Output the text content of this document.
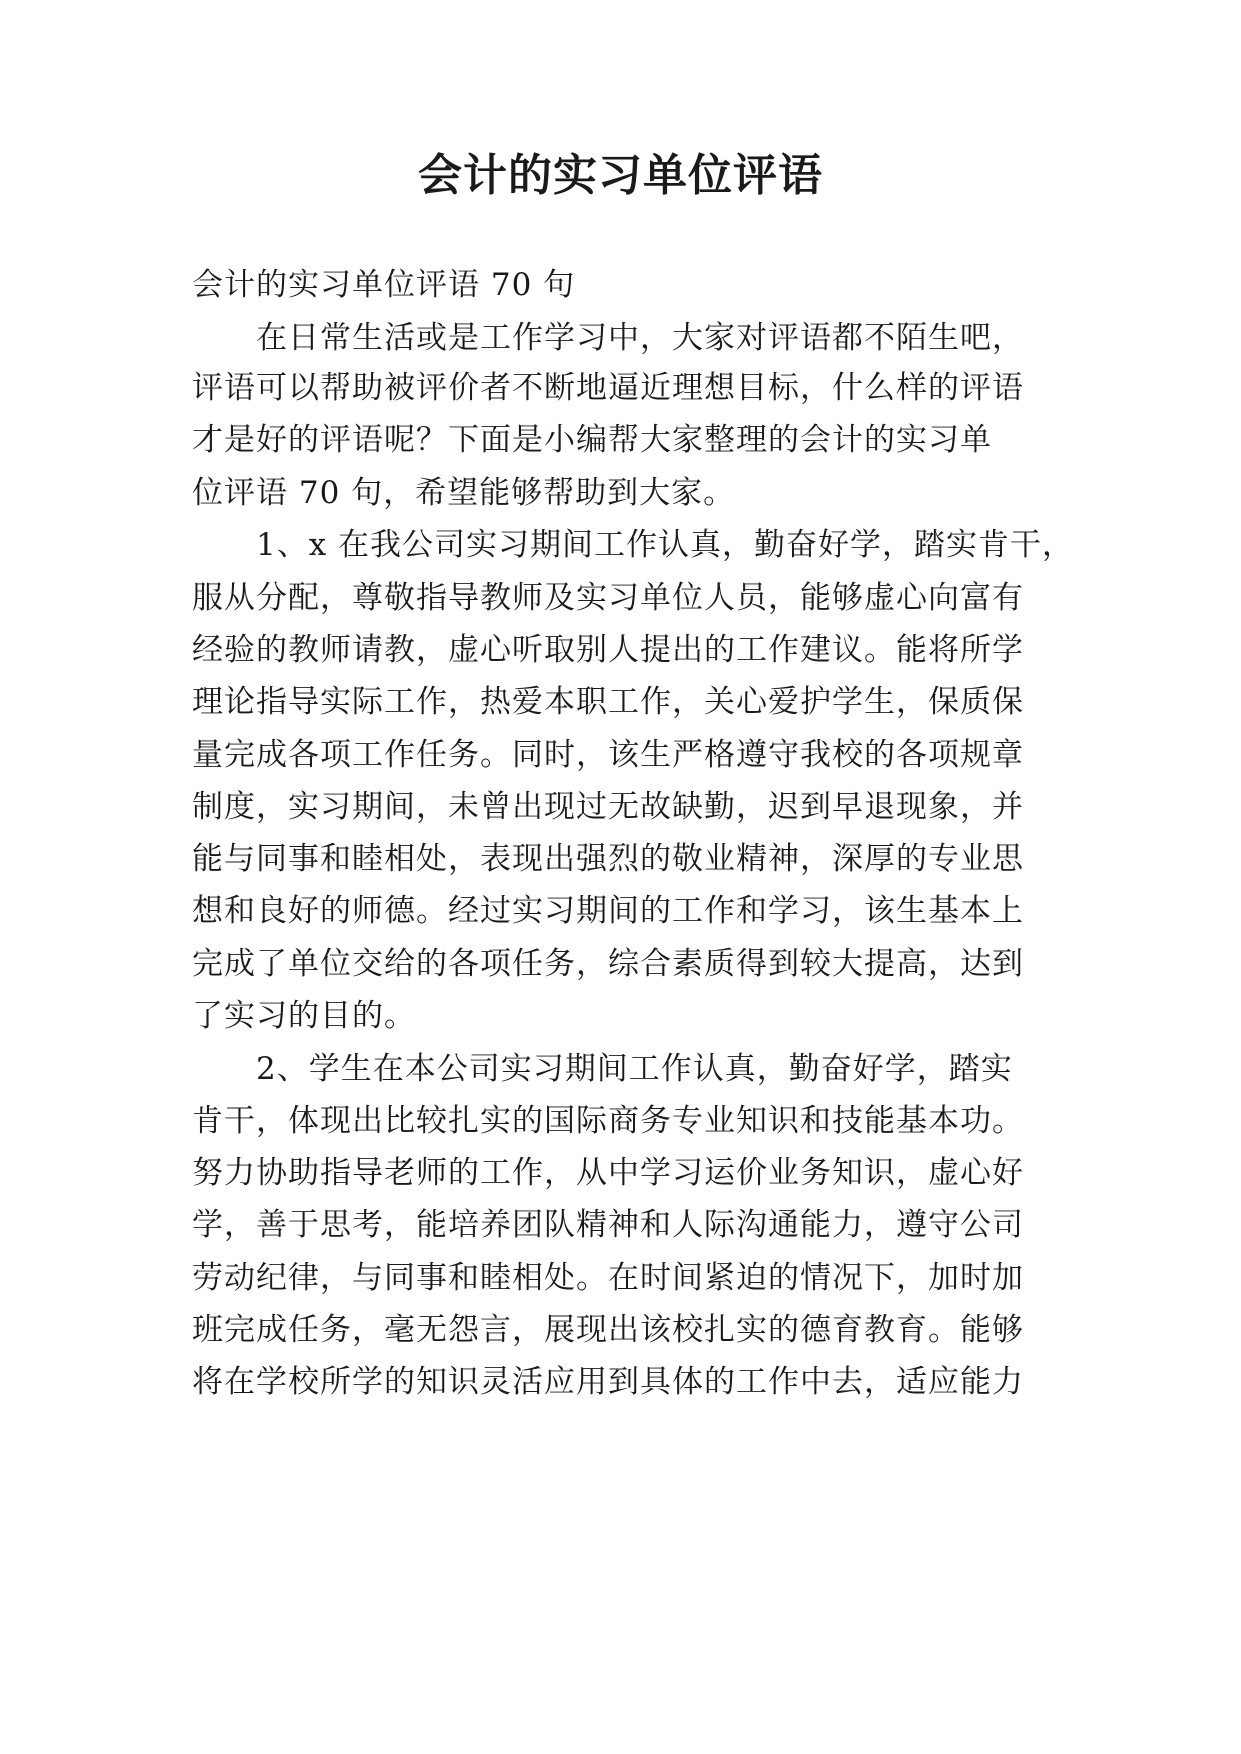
会计的实习单位评语
会计的实习单位评语 70 句
　　在日常生活或是工作学习中，大家对评语都不陌生吧，
评语可以帮助被评价者不断地逼近理想目标，什么样的评语
才是好的评语呢？下面是小编帮大家整理的会计的实习单
位评语 70 句，希望能够帮助到大家。
　　1、x 在我公司实习期间工作认真，勤奋好学，踏实肯干，
服从分配，尊敬指导教师及实习单位人员，能够虚心向富有
经验的教师请教，虚心听取别人提出的工作建议。能将所学
理论指导实际工作，热爱本职工作，关心爱护学生，保质保
量完成各项工作任务。同时，该生严格遵守我校的各项规章
制度，实习期间，未曾出现过无故缺勤，迟到早退现象，并
能与同事和睦相处，表现出强烈的敬业精神，深厚的专业思
想和良好的师德。经过实习期间的工作和学习，该生基本上
完成了单位交给的各项任务，综合素质得到较大提高，达到
了实习的目的。
　　2、学生在本公司实习期间工作认真，勤奋好学，踏实
肯干，体现出比较扎实的国际商务专业知识和技能基本功。
努力协助指导老师的工作，从中学习运价业务知识，虚心好
学，善于思考，能培养团队精神和人际沟通能力，遵守公司
劳动纪律，与同事和睦相处。在时间紧迫的情况下，加时加
班完成任务，毫无怨言，展现出该校扎实的德育教育。能够
将在学校所学的知识灵活应用到具体的工作中去，适应能力
